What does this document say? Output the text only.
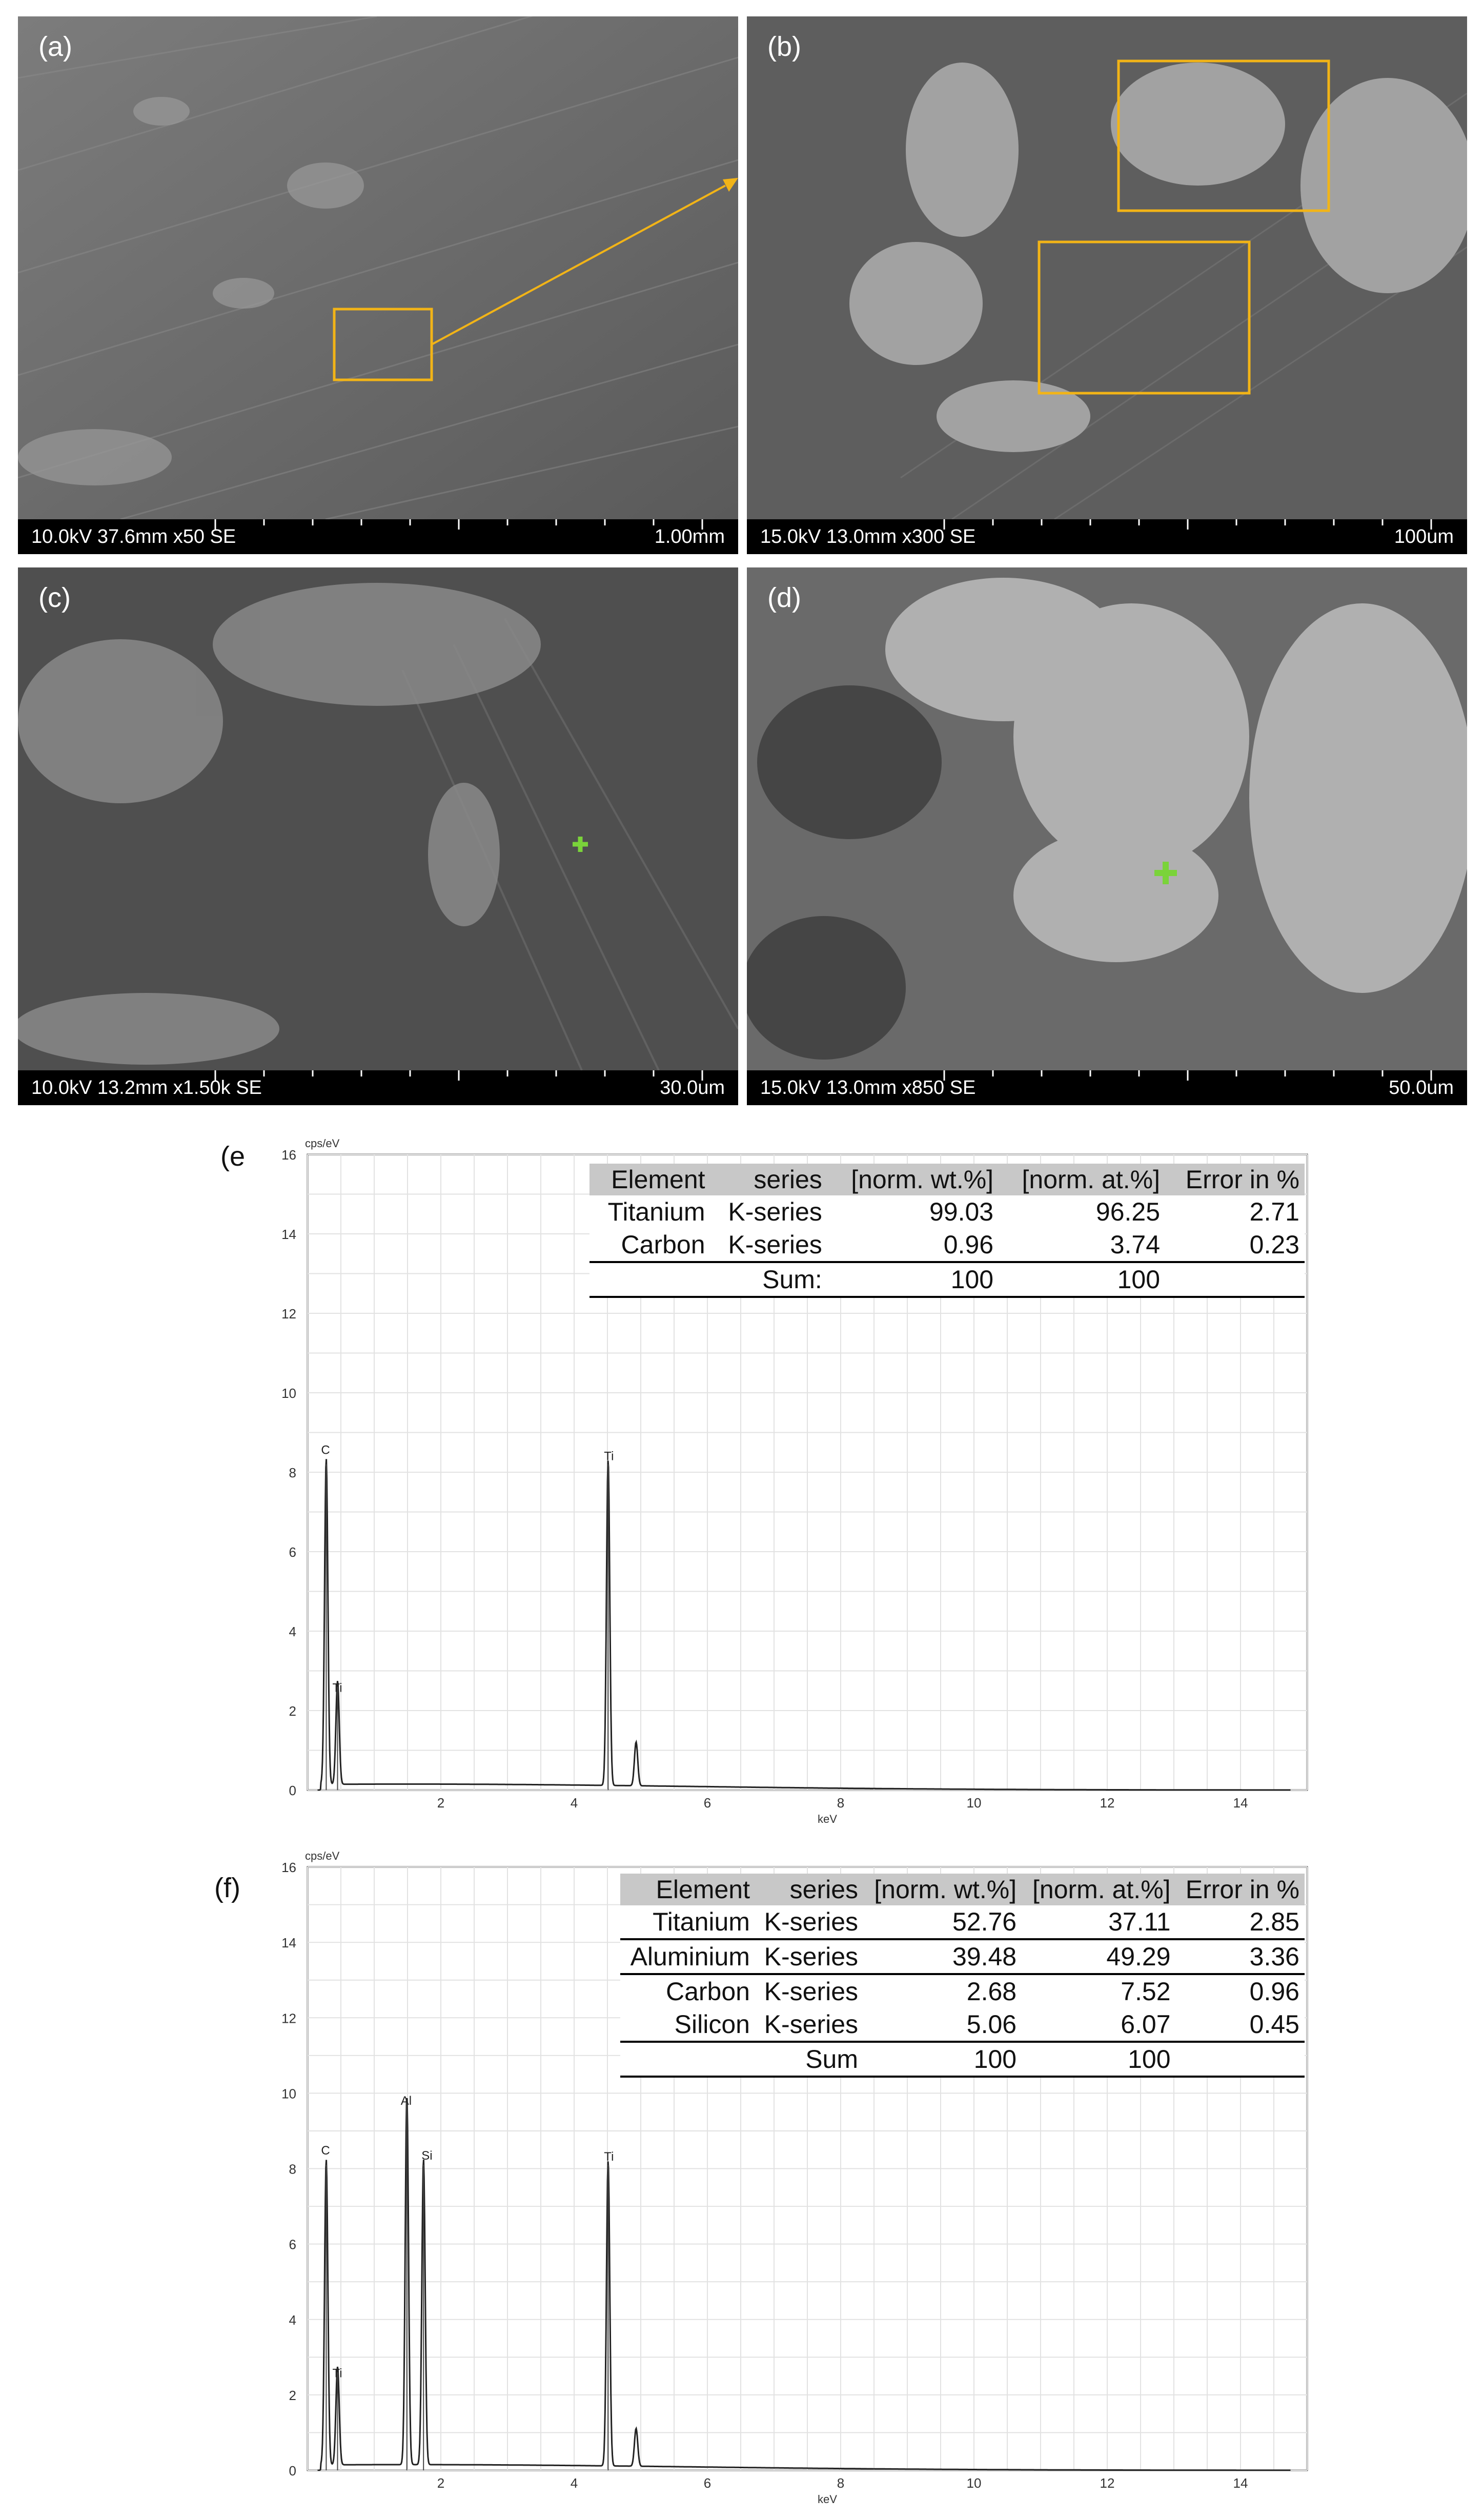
(a)
10.0kV 37.6mm x50 SE	1.00mm
(b)
15.0kV 13.0mm x300 SE	100um
(c)
10.0kV 13.2mm x1.50k SE	30.0um
(d)
15.0kV 13.0mm x850 SE	50.0um
(e
0
2
4
6
8
10
12
14
16
2	4	6	8	10	12	14
cps/eV
keV
C
Ti
Ti
Element	series	[norm. wt.%]	[norm. at.%]	Error in %
Titanium	K-series	99.03	96.25	2.71
Carbon	K-series	0.96	3.74	0.23
	Sum:	100	100	
(f)
0
2
4
6
8
10
12
14
16
2	4	6	8	10	12	14
cps/eV
keV
C
Ti
Al
Si	Ti
Element	series	[norm. wt.%]	[norm. at.%]	Error in %
Titanium	K-series	52.76	37.11	2.85
Aluminium	K-series	39.48	49.29	3.36
Carbon	K-series	2.68	7.52	0.96
Silicon	K-series	5.06	6.07	0.45
	Sum	100	100	
